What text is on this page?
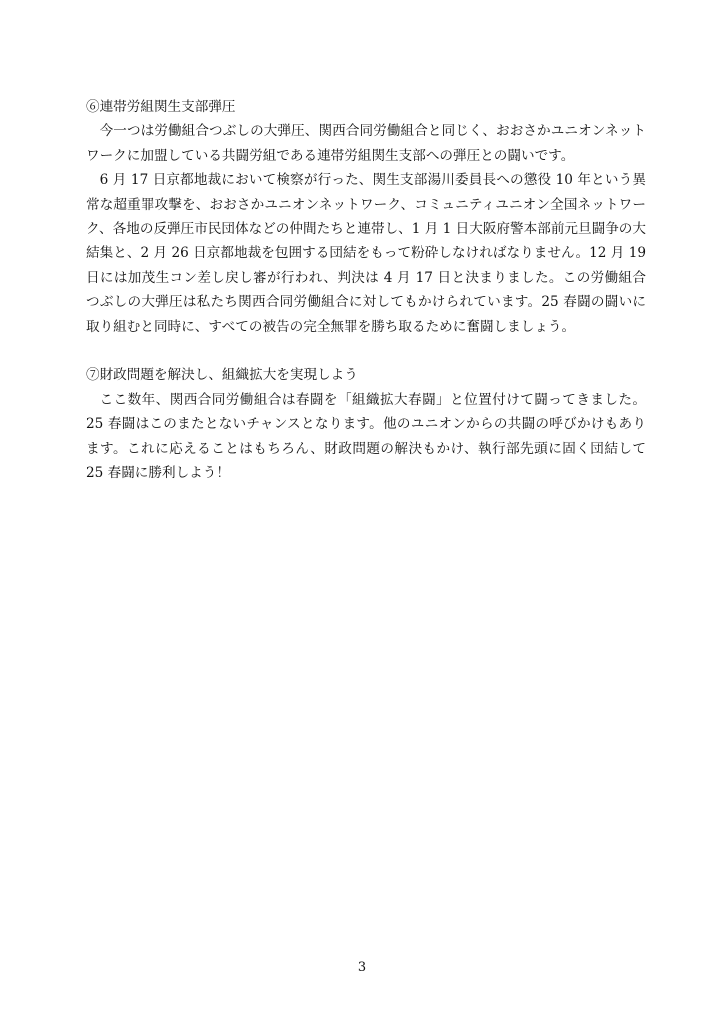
⑥連帯労組関生支部弾圧

今一つは労働組合つぶしの大弾圧、関西合同労働組合と同じく、おおさかユニオンネットワークに加盟している共闘労組である連帯労組関生支部への弾圧との闘いです。

6 月 17 日京都地裁において検察が行った、関生支部湯川委員長への懲役 10 年という異常な超重罪攻撃を、おおさかユニオンネットワーク、コミュニティユニオン全国ネットワーク、各地の反弾圧市民団体などの仲間たちと連帯し、1 月 1 日大阪府警本部前元旦闘争の大結集と、2 月 26 日京都地裁を包囲する団結をもって粉砕しなければなりません。12 月 19 日には加茂生コン差し戻し審が行われ、判決は 4 月 17 日と決まりました。この労働組合つぶしの大弾圧は私たち関西合同労働組合に対してもかけられています。25 春闘の闘いに取り組むと同時に、すべての被告の完全無罪を勝ち取るために奮闘しましょう。

⑦財政問題を解決し、組織拡大を実現しよう

ここ数年、関西合同労働組合は春闘を「組織拡大春闘」と位置付けて闘ってきました。25 春闘はこのまたとないチャンスとなります。他のユニオンからの共闘の呼びかけもあります。これに応えることはもちろん、財政問題の解決もかけ、執行部先頭に固く団結して 25 春闘に勝利しよう！

3
